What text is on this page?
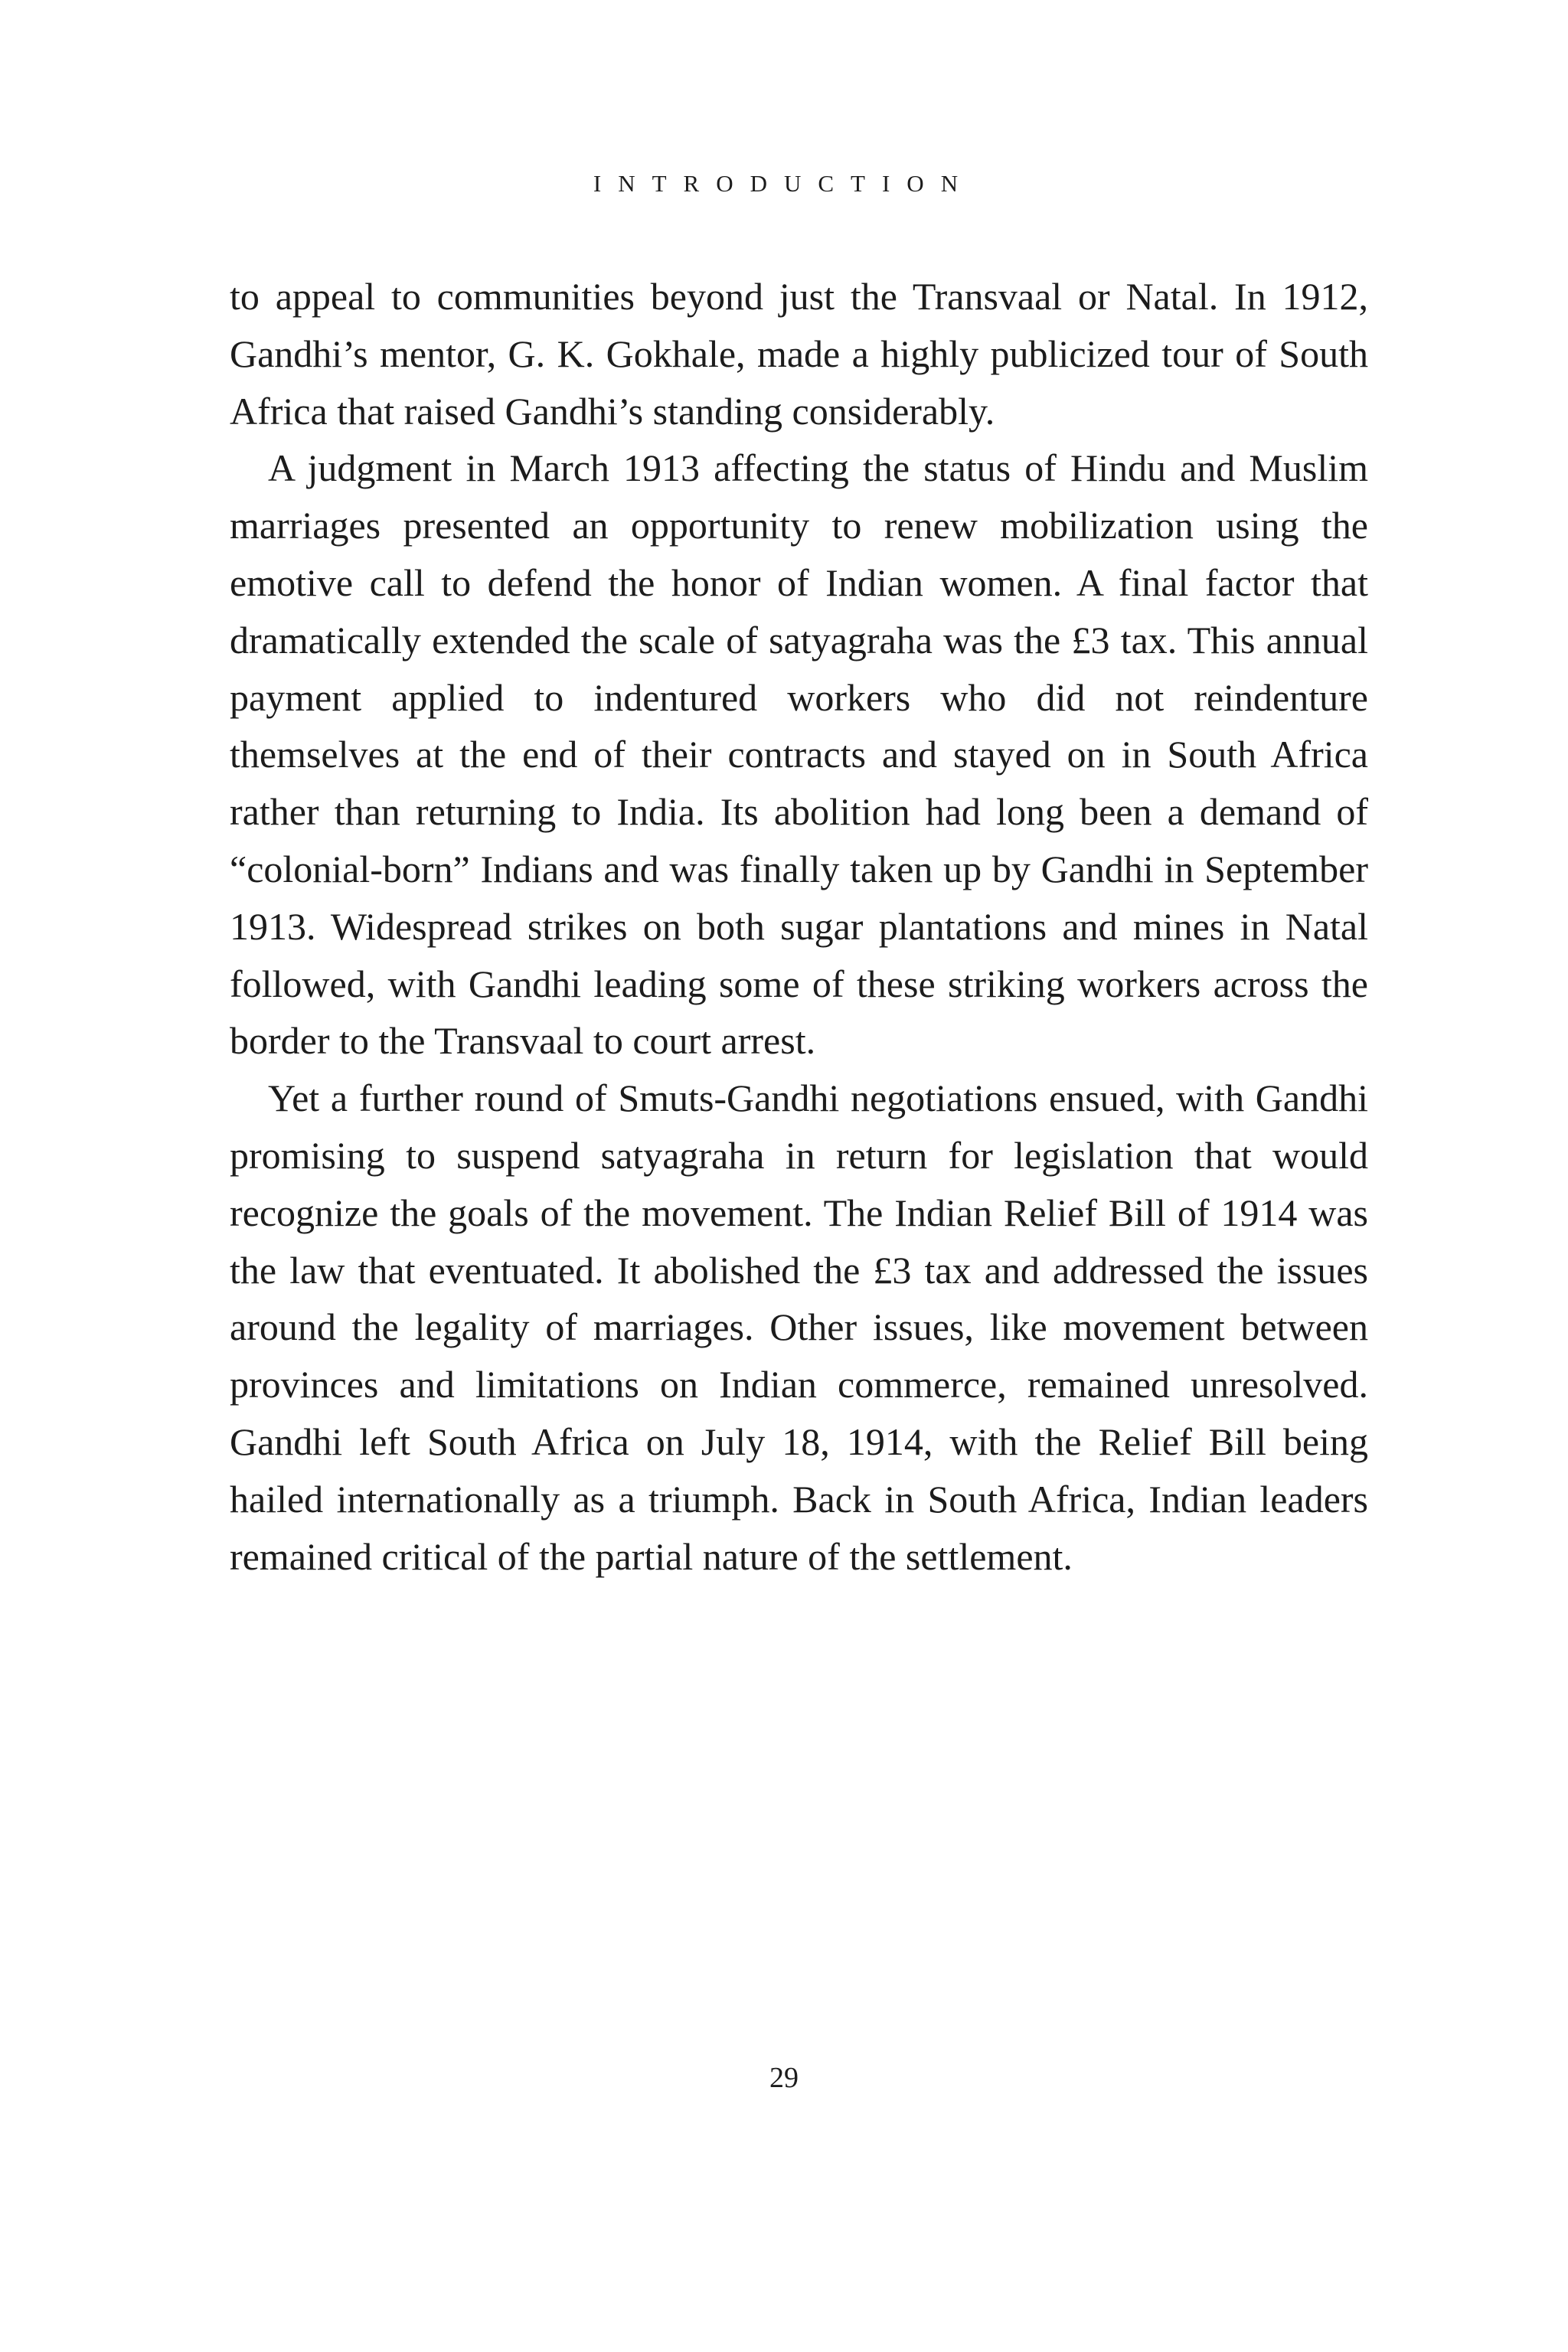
INTRODUCTION

to appeal to communities beyond just the Transvaal or Natal. In 1912, Gandhi’s mentor, G. K. Gokhale, made a highly publicized tour of South Africa that raised Gandhi’s standing considerably.

A judgment in March 1913 affecting the status of Hindu and Muslim marriages presented an opportunity to renew mobilization using the emotive call to defend the honor of Indian women. A final factor that dramatically extended the scale of satyagraha was the £3 tax. This annual payment applied to indentured workers who did not reindenture themselves at the end of their contracts and stayed on in South Africa rather than returning to India. Its abolition had long been a demand of “colonial-born” Indians and was finally taken up by Gandhi in September 1913. Widespread strikes on both sugar plantations and mines in Natal followed, with Gandhi leading some of these striking workers across the border to the Transvaal to court arrest.

Yet a further round of Smuts-Gandhi negotiations ensued, with Gandhi promising to suspend satyagraha in return for legislation that would recognize the goals of the movement. The Indian Relief Bill of 1914 was the law that eventuated. It abolished the £3 tax and addressed the issues around the legality of marriages. Other issues, like movement between provinces and limitations on Indian commerce, remained unresolved. Gandhi left South Africa on July 18, 1914, with the Relief Bill being hailed internationally as a triumph. Back in South Africa, Indian leaders remained critical of the partial nature of the settlement.

29
